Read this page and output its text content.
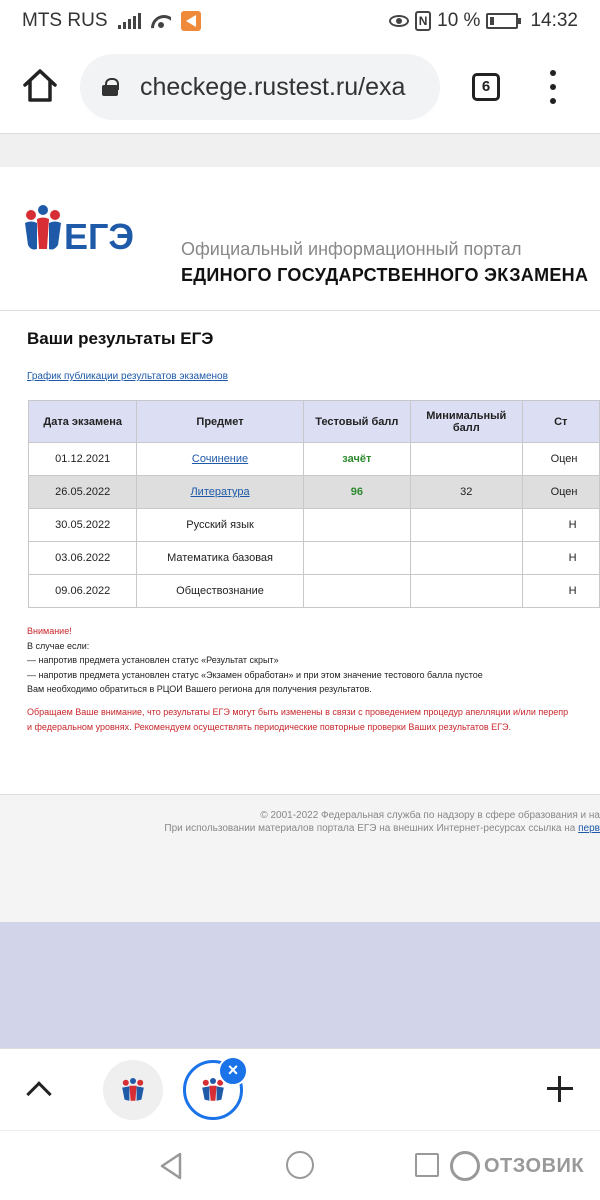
MTS RUS	N 10 %	14:32
checkege.rustest.ru/exa	6
ЕГЭ	Официальный информационный портал
ЕДИНОГО ГОСУДАРСТВЕННОГО ЭКЗАМЕНА
Ваши результаты ЕГЭ
График публикации результатов экзаменов
Дата экзамена	Предмет	Тестовый балл	Минимальный балл	Ст
01.12.2021	Сочинение	зачёт		Оцен
26.05.2022	Литература	96	32	Оцен
30.05.2022	Русский язык			Н
03.06.2022	Математика базовая			Н
09.06.2022	Обществознание			Н
Внимание!
В случае если:
— напротив предмета установлен статус «Результат скрыт»
— напротив предмета установлен статус «Экзамен обработан» и при этом значение тестового балла пустое
Вам необходимо обратиться в РЦОИ Вашего региона для получения результатов.
Обращаем Ваше внимание, что результаты ЕГЭ могут быть изменены в связи с проведением процедур апелляции и/или перепр
и федеральном уровнях. Рекомендуем осуществлять периодические повторные проверки Ваших результатов ЕГЭ.
© 2001-2022 Федеральная служба по надзору в сфере образования и на
При использовании материалов портала ЕГЭ на внешних Интернет-ресурсах ссылка на перв
×
ОТЗОВИК
